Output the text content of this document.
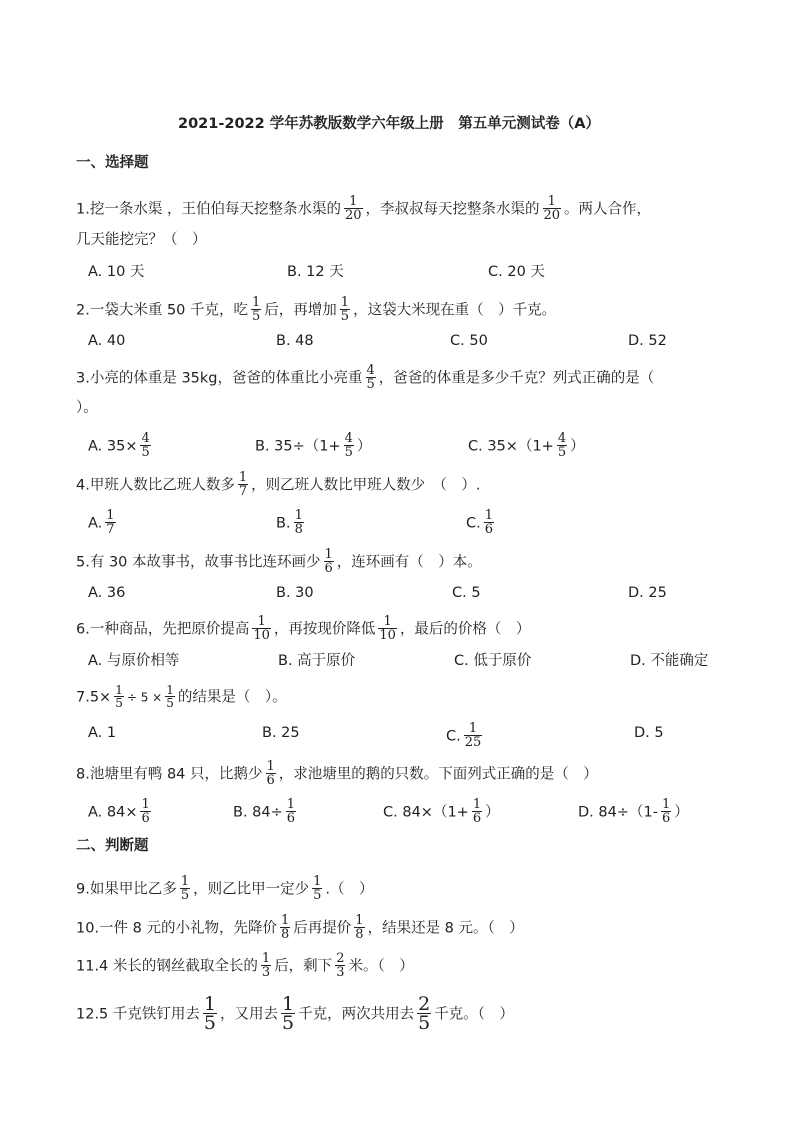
2021-2022 学年苏教版数学六年级上册　第五单元测试卷（A）
一、选择题
1.挖一条水渠 ，王伯伯每天挖整条水渠的 $\frac{1}{20}$ ，李叔叔每天挖整条水渠的 $\frac{1}{20}$ 。两人合作，
几天能挖完？（　）
A. 10 天	B. 12 天	C. 20 天
2.一袋大米重 50 千克，吃 $\frac{1}{5}$ 后，再增加 $\frac{1}{5}$ ，这袋大米现在重（　）千克。
A. 40	B. 48	C. 50	D. 52
3.小亮的体重是 35kg，爸爸的体重比小亮重 $\frac{4}{5}$ ，爸爸的体重是多少千克？列式正确的是（
）。
A. $35\times \frac{4}{5}$	B. $35\div(1+ \frac{4}{5}$ ）	C. $35\times(1+ \frac{4}{5}$ ）
4.甲班人数比乙班人数多 $\frac{1}{7}$ ，则乙班人数比甲班人数少　（　）.
A. $\frac{1}{7}$	B. $\frac{1}{8}$	C. $\frac{1}{6}$
5.有 30 本故事书，故事书比连环画少 $\frac{1}{6}$ ，连环画有（　）本。
A. 36	B. 30	C. 5	D. 25
6.一种商品，先把原价提高 $\frac{1}{10}$ ，再按现价降低 $\frac{1}{10}$ ，最后的价格（　）
A. 与原价相等	B. 高于原价	C. 低于原价	D. 不能确定
$7.5\times \frac{1}{5} \div 5 \times \frac{1}{5}$ 的结果是（　）。
A. 1	B. 25	C. $\frac{1}{25}$	D. 5
8.池塘里有鸭 84 只，比鹅少 $\frac{1}{6}$ ，求池塘里的鹅的只数。下面列式正确的是（　）
A. $84\times \frac{1}{6}$	B. $84\div \frac{1}{6}$	C. $84\times(1+ \frac{1}{6}$ ）	D. $84\div(1- \frac{1}{6}$ ）
二、判断题
9.如果甲比乙多 $\frac{1}{5}$ ，则乙比甲一定少 $\frac{1}{5}$ .（　）
10.一件 8 元的小礼物，先降价 $\frac{1}{8}$ 后再提价 $\frac{1}{8}$ ，结果还是 8 元。（　）
11.4 米长的钢丝截取全长的 $\frac{1}{3}$ 后，剩下 $\frac{2}{3}$ 米。（　）
12.5 千克铁钉用去 $\frac{1}{5}$ ，又用去 $\frac{1}{5}$ 千克，两次共用去 $\frac{2}{5}$ 千克。（　）
